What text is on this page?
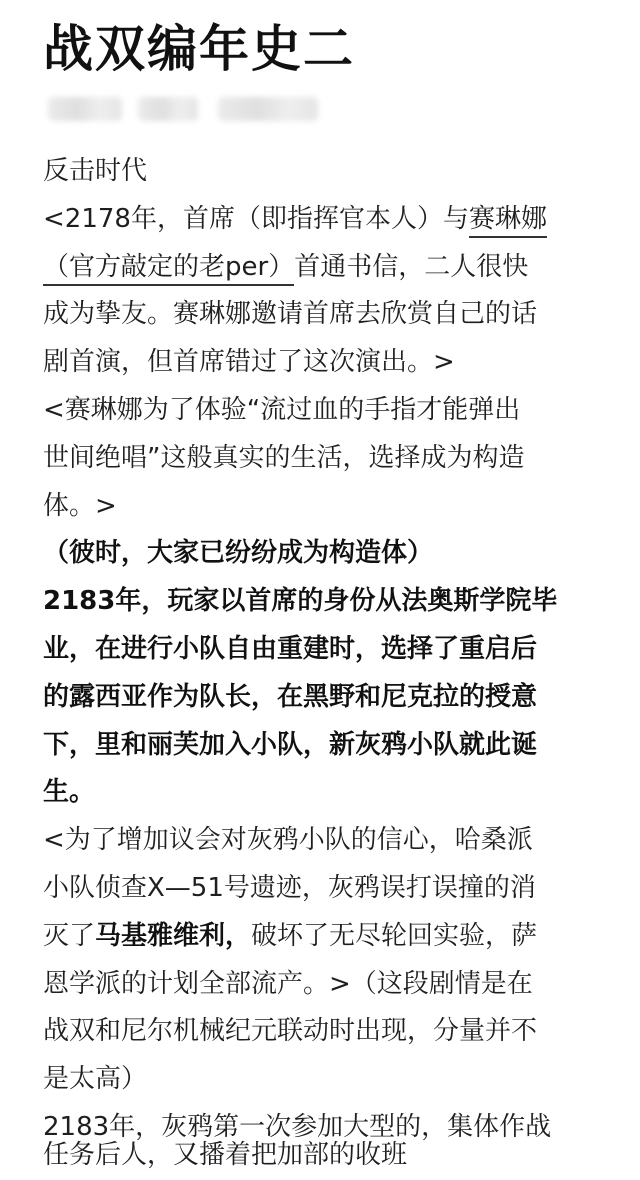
战双编年史二
反击时代
<2178年，首席（即指挥官本人）与赛琳娜
（官方敲定的老per）首通书信，二人很快
成为挚友。赛琳娜邀请首席去欣赏自己的话
剧首演，但首席错过了这次演出。>
<赛琳娜为了体验“流过血的手指才能弹出
世间绝唱”这般真实的生活，选择成为构造
体。>
（彼时，大家已纷纷成为构造体）
2183年，玩家以首席的身份从法奥斯学院毕
业，在进行小队自由重建时，选择了重启后
的露西亚作为队长，在黑野和尼克拉的授意
下，里和丽芙加入小队，新灰鸦小队就此诞
生。
<为了增加议会对灰鸦小队的信心，哈桑派
小队侦查X—51号遗迹，灰鸦误打误撞的消
灭了马基雅维利，破坏了无尽轮回实验，萨
恩学派的计划全部流产。>（这段剧情是在
战双和尼尔机械纪元联动时出现，分量并不
是太高）
2183年，灰鸦第一次参加大型的，集体作战
任务后人，又播着把加部的收班
